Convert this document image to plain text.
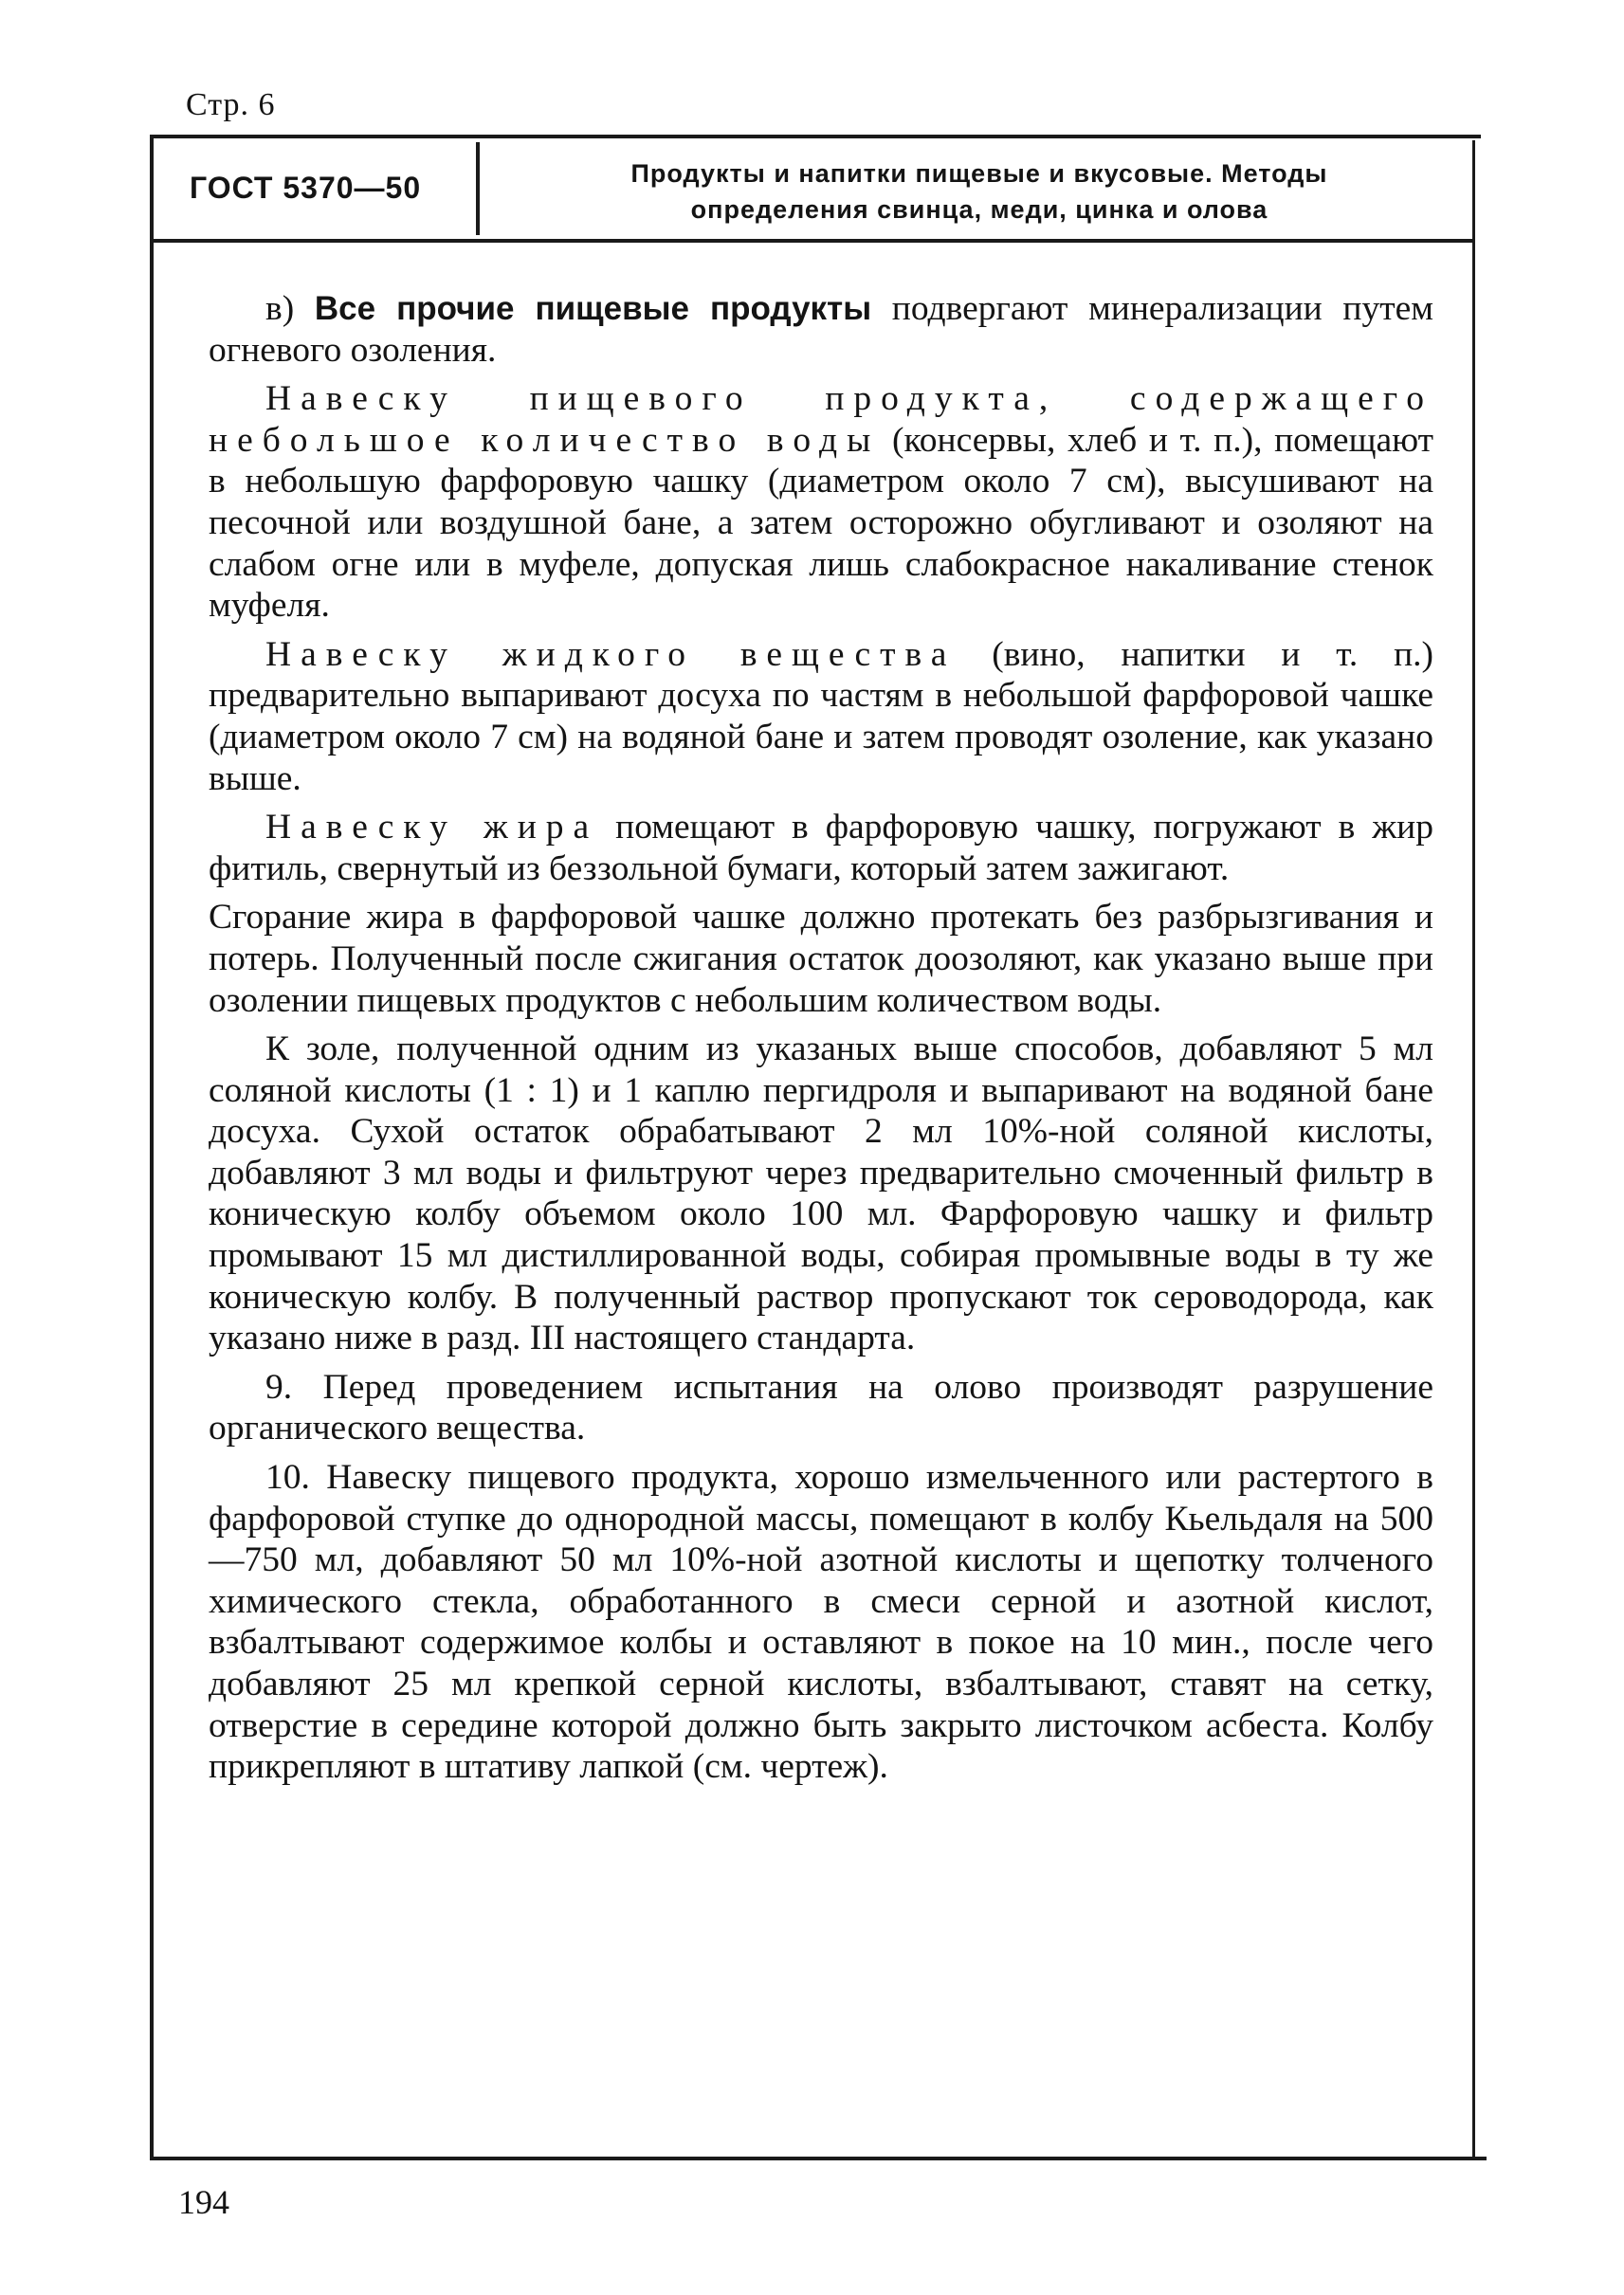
Стр. 6
ГОСТ 5370—50	Продукты и напитки пищевые и вкусовые. Методы
определения свинца, меди, цинка и олова

в) Все прочие пищевые продукты подвергают минерализации путем огневого озоления.

Навеску пищевого продукта, содержащего небольшое количество воды (консервы, хлеб и т. п.), помещают в небольшую фарфоровую чашку (диаметром около 7 см), высушивают на песочной или воздушной бане, а затем осторожно обугливают и озоляют на слабом огне или в муфеле, допуская лишь слабокрасное накаливание стенок муфеля.

Навеску жидкого вещества (вино, напитки и т. п.) предварительно выпаривают досуха по частям в небольшой фарфоровой чашке (диаметром около 7 см) на водяной бане и затем проводят озоление, как указано выше.

Навеску жира помещают в фарфоровую чашку, погружают в жир фитиль, свернутый из беззольной бумаги, который затем зажигают.

Сгорание жира в фарфоровой чашке должно протекать без разбрызгивания и потерь. Полученный после сжигания остаток доозоляют, как указано выше при озолении пищевых продуктов с небольшим количеством воды.

К золе, полученной одним из указаных выше способов, добавляют 5 мл соляной кислоты (1 : 1) и 1 каплю пергидроля и выпаривают на водяной бане досуха. Сухой остаток обрабатывают 2 мл 10%-ной соляной кислоты, добавляют 3 мл воды и фильтруют через предварительно смоченный фильтр в коническую колбу объемом около 100 мл. Фарфоровую чашку и фильтр промывают 15 мл дистиллированной воды, собирая промывные воды в ту же коническую колбу. В полученный раствор пропускают ток сероводорода, как указано ниже в разд. III настоящего стандарта.

9. Перед проведением испытания на олово производят разрушение органического вещества.

10. Навеску пищевого продукта, хорошо измельченного или растертого в фарфоровой ступке до однородной массы, помещают в колбу Кьельдаля на 500—750 мл, добавляют 50 мл 10%-ной азотной кислоты и щепотку толченого химического стекла, обработанного в смеси серной и азотной кислот, взбалтывают содержимое колбы и оставляют в покое на 10 мин., после чего добавляют 25 мл крепкой серной кислоты, взбалтывают, ставят на сетку, отверстие в середине которой должно быть закрыто листочком асбеста. Колбу прикрепляют в штативу лапкой (см. чертеж).

194
